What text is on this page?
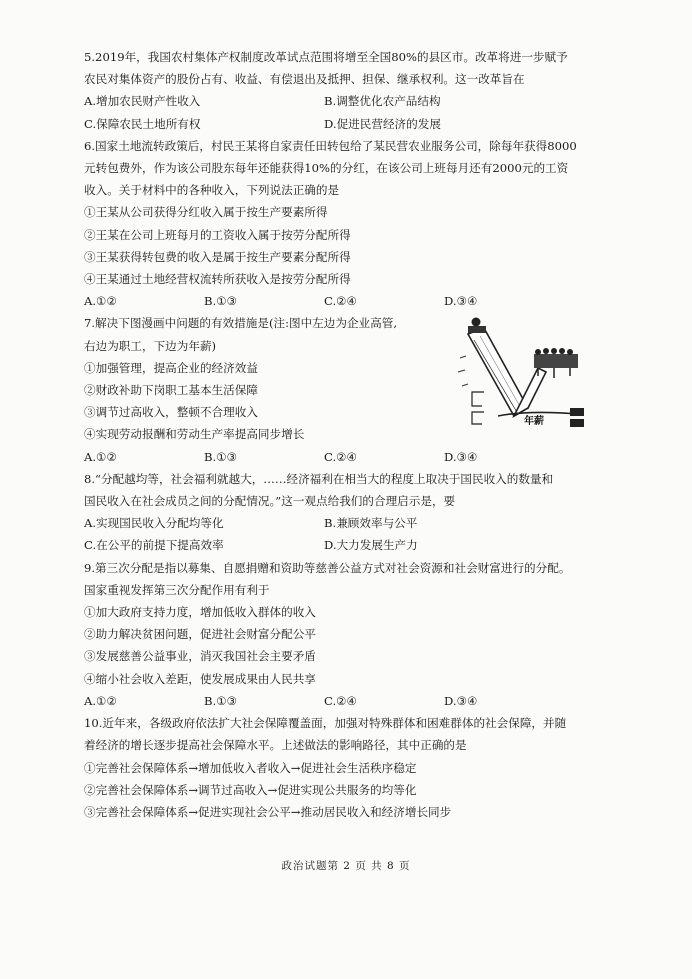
5.2019年，我国农村集体产权制度改革试点范围将增至全国80%的县区市。改革将进一步赋予
农民对集体资产的股份占有、收益、有偿退出及抵押、担保、继承权利。这一改革旨在
A.增加农民财产性收入	B.调整优化农产品结构
C.保障农民土地所有权	D.促进民营经济的发展
6.国家土地流转政策后，村民王某将自家责任田转包给了某民营农业服务公司，除每年获得8000
元转包费外，作为该公司股东每年还能获得10%的分红，在该公司上班每月还有2000元的工资
收入。关于材料中的各种收入，下列说法正确的是
①王某从公司获得分红收入属于按生产要素所得
②王某在公司上班每月的工资收入属于按劳分配所得
③王某获得转包费的收入是属于按生产要素分配所得
④王某通过土地经营权流转所获收入是按劳分配所得
A.①②	B.①③	C.②④	D.③④
7.解决下图漫画中问题的有效措施是(注:图中左边为企业高管,
右边为职工，下边为年薪)
①加强管理，提高企业的经济效益
②财政补助下岗职工基本生活保障
③调节过高收入，整顿不合理收入
④实现劳动报酬和劳动生产率提高同步增长
A.①②	B.①③	C.②④	D.③④
年薪
8.“分配越均等，社会福利就越大，……经济福利在相当大的程度上取决于国民收入的数量和
国民收入在社会成员之间的分配情况。”这一观点给我们的合理启示是，要
A.实现国民收入分配均等化	B.兼顾效率与公平
C.在公平的前提下提高效率	D.大力发展生产力
9.第三次分配是指以募集、自愿捐赠和资助等慈善公益方式对社会资源和社会财富进行的分配。
国家重视发挥第三次分配作用有利于
①加大政府支持力度，增加低收入群体的收入
②助力解决贫困问题，促进社会财富分配公平
③发展慈善公益事业，消灭我国社会主要矛盾
④缩小社会收入差距，使发展成果由人民共享
A.①②	B.①③	C.②④	D.③④
10.近年来，各级政府依法扩大社会保障覆盖面，加强对特殊群体和困难群体的社会保障，并随
着经济的增长逐步提高社会保障水平。上述做法的影响路径，其中正确的是
①完善社会保障体系→增加低收入者收入→促进社会生活秩序稳定
②完善社会保障体系→调节过高收入→促进实现公共服务的均等化
③完善社会保障体系→促进实现社会公平→推动居民收入和经济增长同步
政治试题第 2 页 共 8 页
